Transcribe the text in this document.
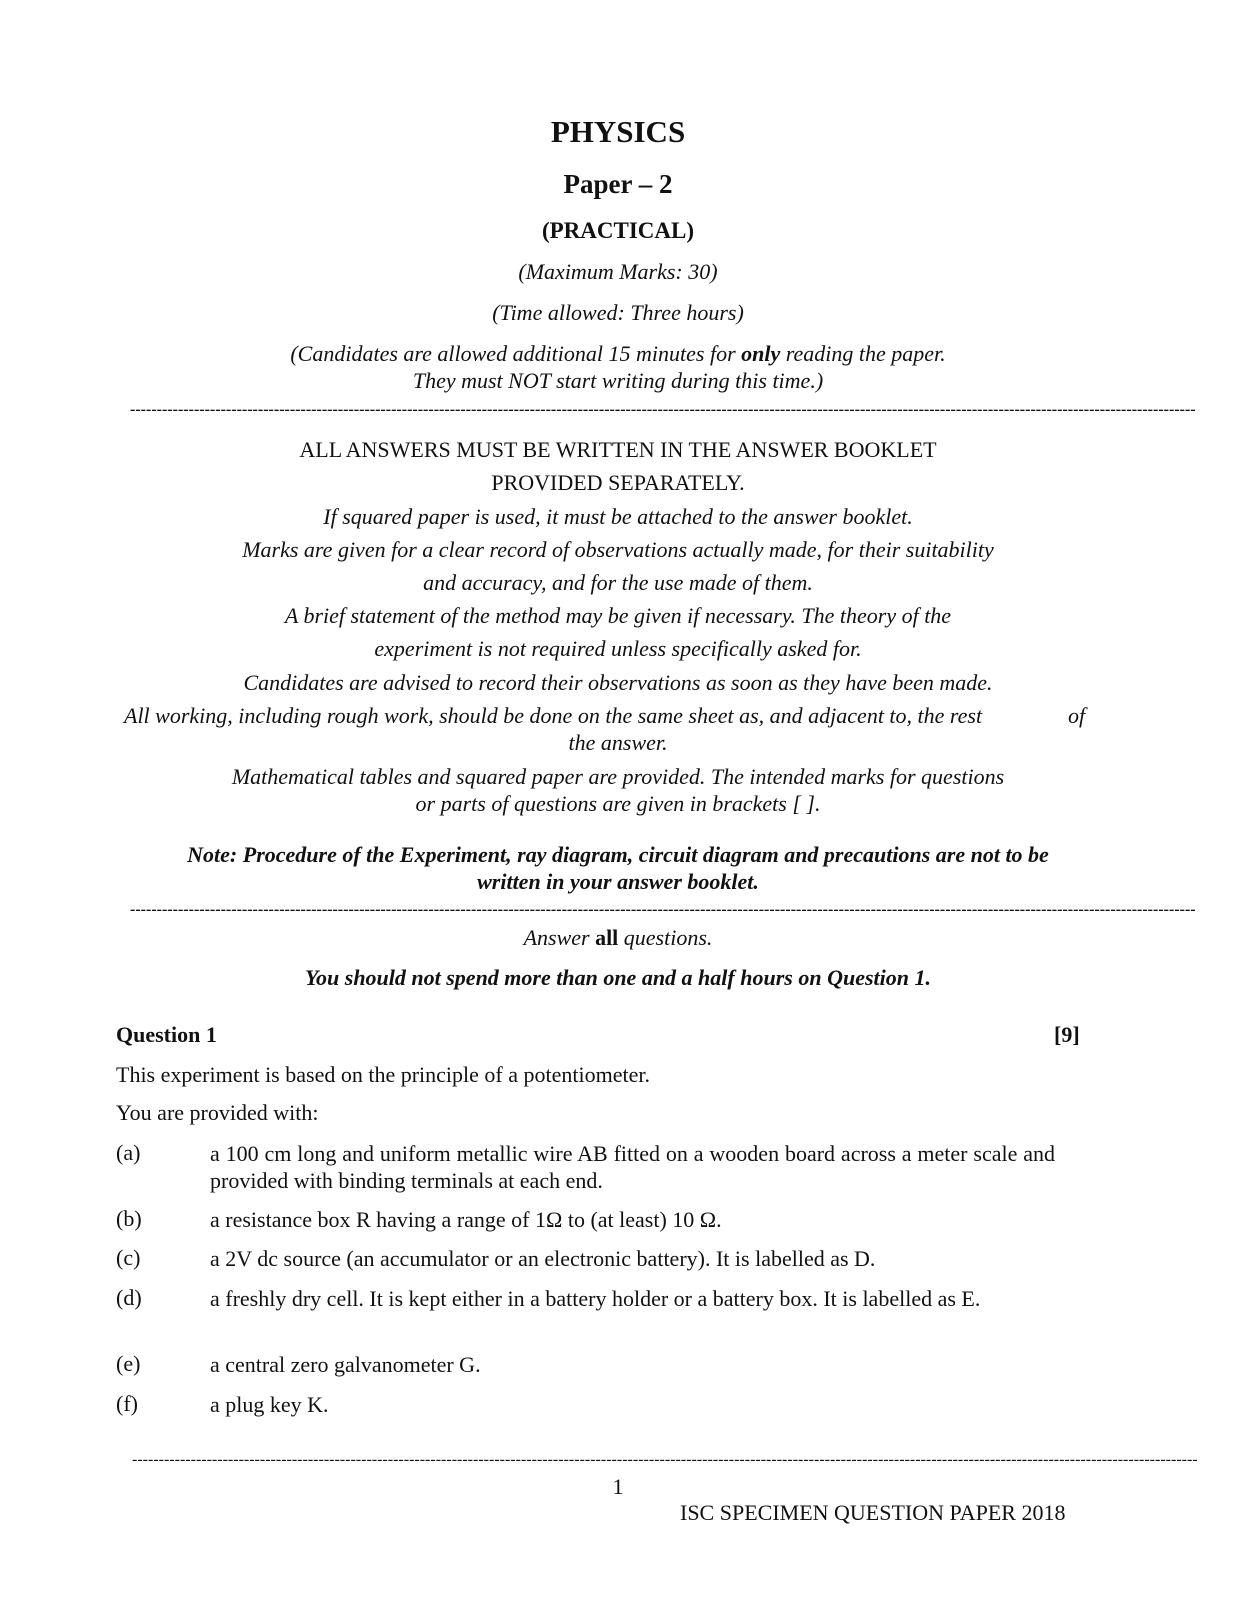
PHYSICS
Paper – 2
(PRACTICAL)
(Maximum Marks: 30)
(Time allowed: Three hours)
(Candidates are allowed additional 15 minutes for only reading the paper.
They must NOT start writing during this time.)
--------------------------------------------------------------------------------------------------------------------------------------------------------------------------------------------------------
ALL ANSWERS MUST BE WRITTEN IN THE ANSWER BOOKLET
PROVIDED SEPARATELY.
If squared paper is used, it must be attached to the answer booklet.
Marks are given for a clear record of observations actually made, for their suitability
and accuracy, and for the use made of them.
A brief statement of the method may be given if necessary. The theory of the
experiment is not required unless specifically asked for.
Candidates are advised to record their observations as soon as they have been made.
All working, including rough work, should be done on the same sheet as, and adjacent to, the rest	of
the answer.
Mathematical tables and squared paper are provided. The intended marks for questions
or parts of questions are given in brackets [ ].
Note: Procedure of the Experiment, ray diagram, circuit diagram and precautions are not to be
written in your answer booklet.
--------------------------------------------------------------------------------------------------------------------------------------------------------------------------------------------------------
Answer all questions.
You should not spend more than one and a half hours on Question 1.
Question 1	[9]
This experiment is based on the principle of a potentiometer.
You are provided with:
(a)	a 100 cm long and uniform metallic wire AB fitted on a wooden board across a meter scale and provided with binding terminals at each end.
(b)	a resistance box R having a range of 1Ω to (at least) 10 Ω.
(c)	a 2V dc source (an accumulator or an electronic battery). It is labelled as D.
(d)	a freshly dry cell. It is kept either in a battery holder or a battery box. It is labelled as E.
(e)	a central zero galvanometer G.
(f)	a plug key K.
--------------------------------------------------------------------------------------------------------------------------------------------------------------------------------------------------------
1
ISC SPECIMEN QUESTION PAPER 2018
